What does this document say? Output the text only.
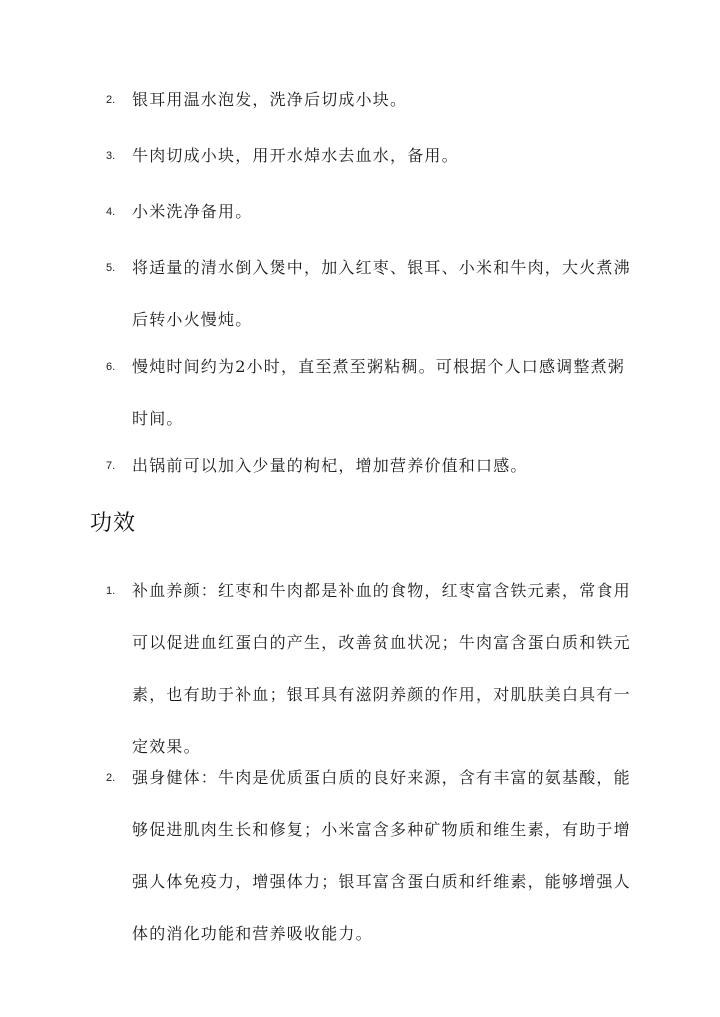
2.	银耳用温水泡发，洗净后切成小块。
3.	牛肉切成小块，用开水焯水去血水，备用。
4.	小米洗净备用。
5.	将适量的清水倒入煲中，加入红枣、银耳、小米和牛肉，大火煮沸后转小火慢炖。
6.	慢炖时间约为2小时，直至煮至粥粘稠。可根据个人口感调整煮粥时间。
7.	出锅前可以加入少量的枸杞，增加营养价值和口感。
功效
1.	补血养颜：红枣和牛肉都是补血的食物，红枣富含铁元素，常食用可以促进血红蛋白的产生，改善贫血状况；牛肉富含蛋白质和铁元素，也有助于补血；银耳具有滋阴养颜的作用，对肌肤美白具有一定效果。
2.	强身健体：牛肉是优质蛋白质的良好来源，含有丰富的氨基酸，能够促进肌肉生长和修复；小米富含多种矿物质和维生素，有助于增强人体免疫力，增强体力；银耳富含蛋白质和纤维素，能够增强人体的消化功能和营养吸收能力。
